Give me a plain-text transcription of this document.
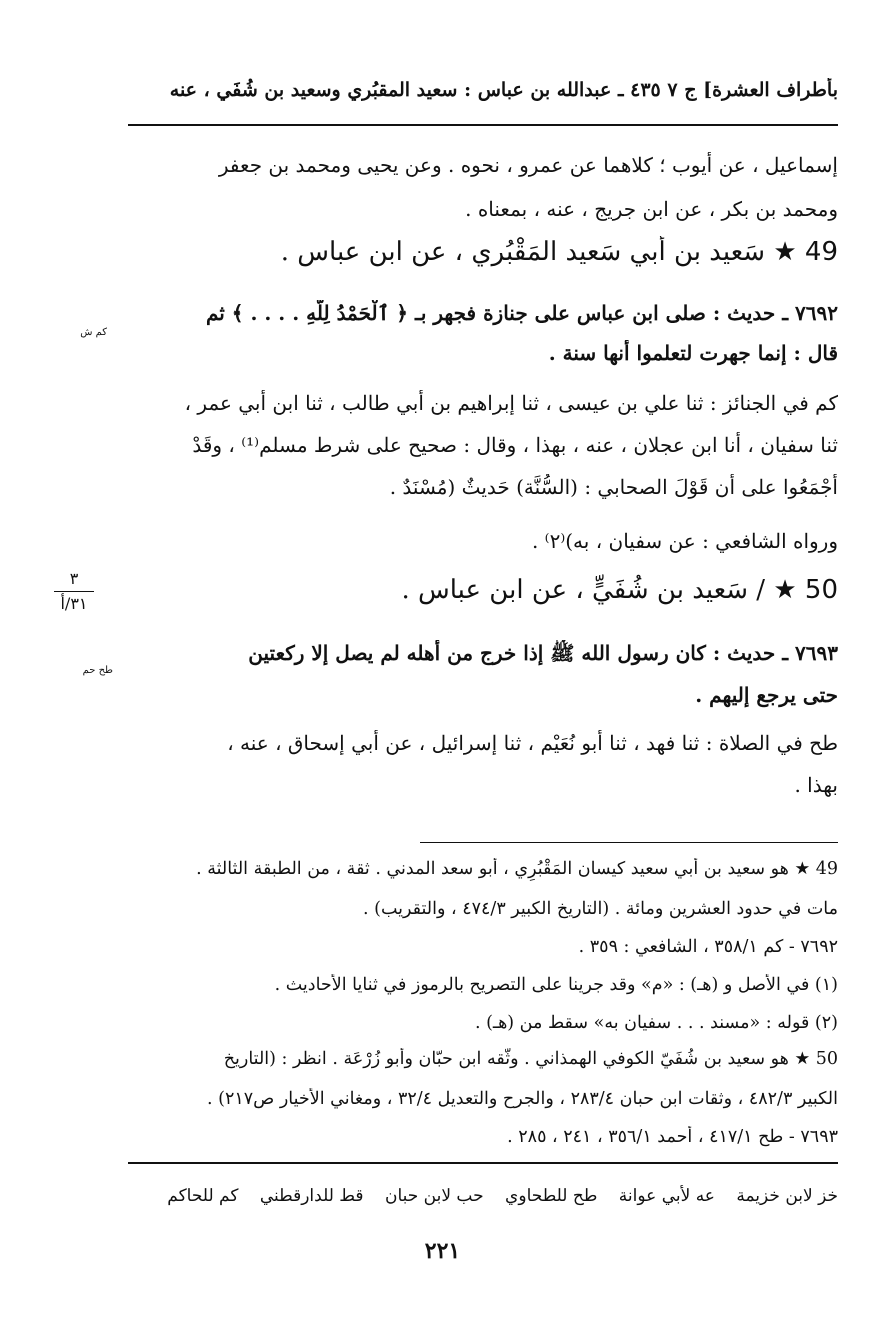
بأطراف العشرة] ج ٧ ٤٣٥ ـ عبدالله بن عباس : سعيد المقبُري وسعيد بن شُفَي ، عنه
إسماعيل ، عن أيوب ؛ كلاهما عن عمرو ، نحوه . وعن يحيى ومحمد بن جعفر
ومحمد بن بكر ، عن ابن جريج ، عنه ، بمعناه .
49 ★ سَعيد بن أبي سَعيد المَقْبُري ، عن ابن عباس .
٧٦٩٢ ـ حديث : صلى ابن عباس على جنازة فجهر بـ ﴿ ٱلْحَمْدُ لِلَّهِ . . . . ﴾ ثم
كم ش
قال : إنما جهرت لتعلموا أنها سنة .
كم في الجنائز : ثنا علي بن عيسى ، ثنا إبراهيم بن أبي طالب ، ثنا ابن أبي عمر ،
ثنا سفيان ، أنا ابن عجلان ، عنه ، بهذا ، وقال : صحيح على شرط مسلم⁽¹⁾ ، وقَدْ
أَجْمَعُوا على أن قَوْلَ الصحابي : (السُّنَّة) حَديثٌ (مُسْنَدٌ .
ورواه الشافعي : عن سفيان ، به)⁽٢⁾ .
٣
٣١/أ	50 ★ / سَعيد بن شُفَيٍّ ، عن ابن عباس .
٧٦٩٣ ـ حديث : كان رسول الله ﷺ إذا خرج من أهله لم يصل إلا ركعتين
طح حم
حتى يرجع إليهم .
طح في الصلاة : ثنا فهد ، ثنا أبو نُعَيْم ، ثنا إسرائيل ، عن أبي إسحاق ، عنه ،
بهذا .
49 ★ هو سعيد بن أبي سعيد كيسان المَقْبُرِي ، أبو سعد المدني . ثقة ، من الطبقة الثالثة .
مات في حدود العشرين ومائة . (التاريخ الكبير ٤٧٤/٣ ، والتقريب) .
٧٦٩٢ - كم ٣٥٨/١ ، الشافعي : ٣٥٩ .
(١) في الأصل و (هـ) : «م» وقد جرينا على التصريح بالرموز في ثنايا الأحاديث .
(٢) قوله : «مسند . . . سفيان به» سقط من (هـ) .
50 ★ هو سعيد بن شُفَيّ الكوفي الهمذاني . وثّقه ابن حبّان وأبو زُرْعَة . انظر : (التاريخ
الكبير ٤٨٢/٣ ، وثقات ابن حبان ٢٨٣/٤ ، والجرح والتعديل ٣٢/٤ ، ومغاني الأخيار ص٢١٧) .
٧٦٩٣ - طح ٤١٧/١ ، أحمد ٣٥٦/١ ، ٢٤١ ، ٢٨٥ .
خز لابن خزيمة عه لأبي عوانة طح للطحاوي حب لابن حبان قط للدارقطني كم للحاكم
٢٢١
